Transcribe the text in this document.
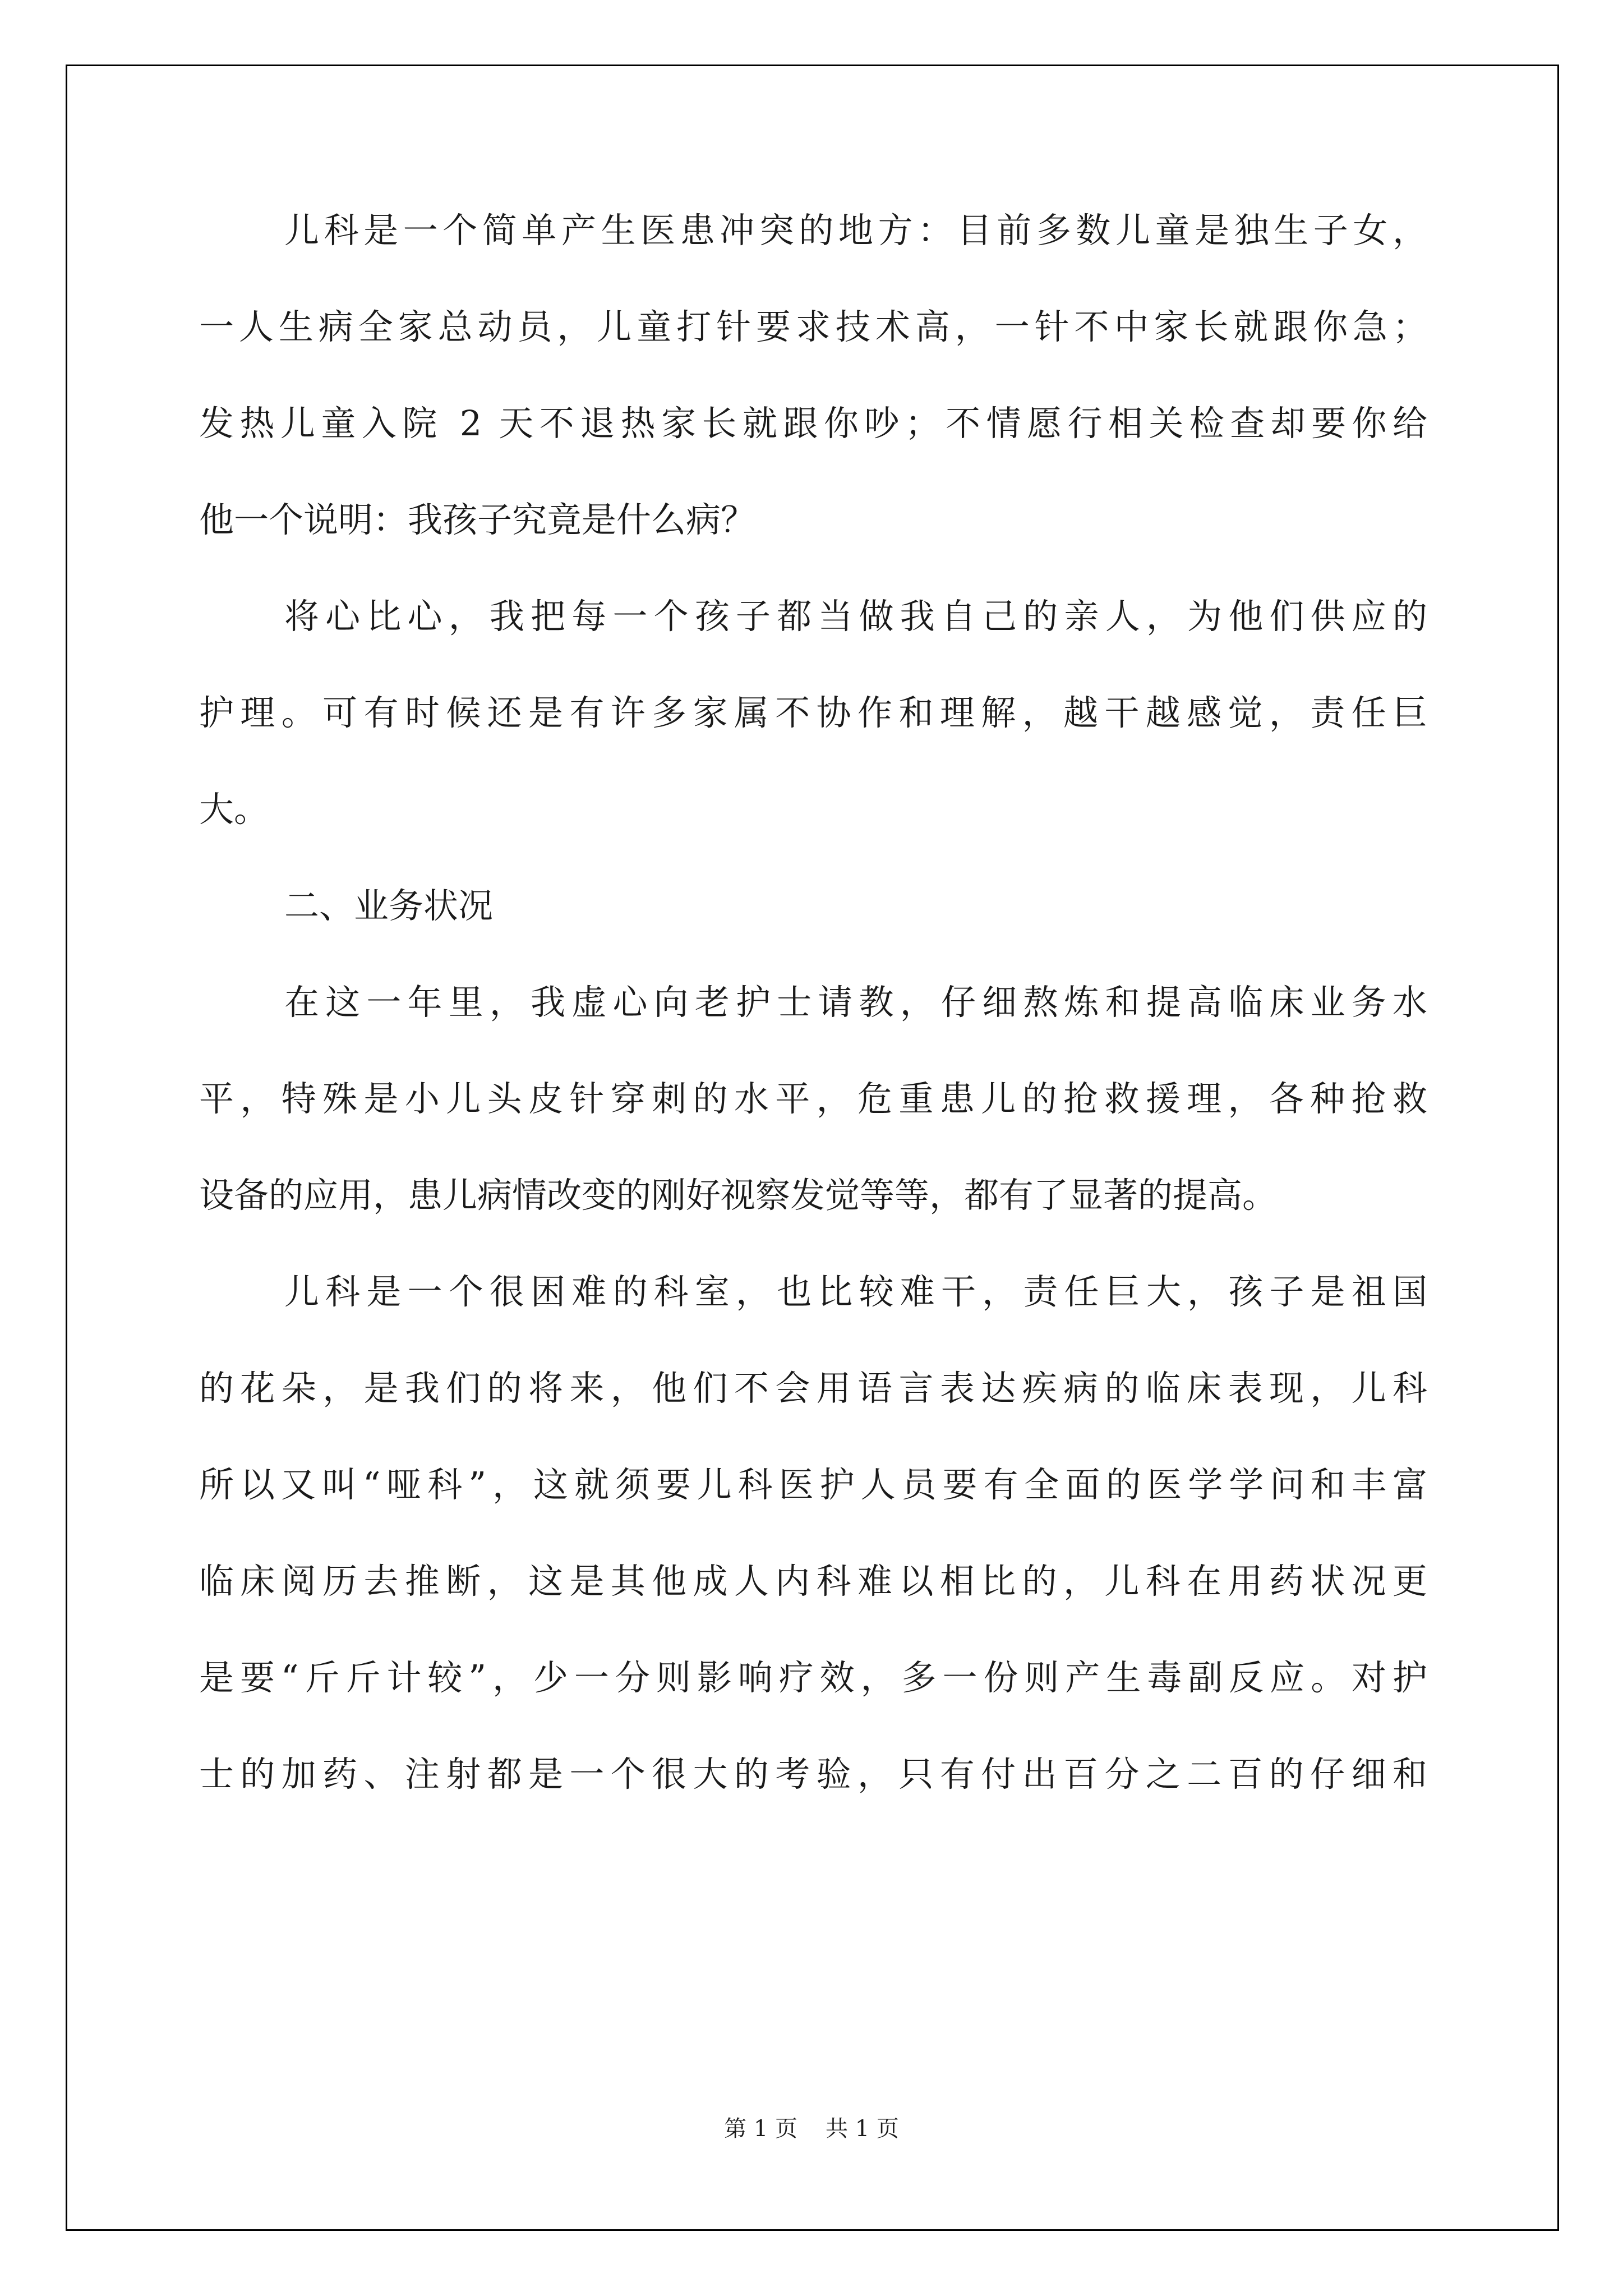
儿科是一个简单产生医患冲突的地方：目前多数儿童是独生子女，
一人生病全家总动员，儿童打针要求技术高，一针不中家长就跟你急；
发热儿童入院 2 天不退热家长就跟你吵；不情愿行相关检查却要你给
他一个说明：我孩子究竟是什么病？
将心比心，我把每一个孩子都当做我自己的亲人，为他们供应的
护理。可有时候还是有许多家属不协作和理解，越干越感觉，责任巨
大。
二、业务状况
在这一年里，我虚心向老护士请教，仔细熬炼和提高临床业务水
平，特殊是小儿头皮针穿刺的水平，危重患儿的抢救援理，各种抢救
设备的应用，患儿病情改变的刚好视察发觉等等，都有了显著的提高。
儿科是一个很困难的科室，也比较难干，责任巨大，孩子是祖国
的花朵，是我们的将来，他们不会用语言表达疾病的临床表现，儿科
所以又叫“哑科”，这就须要儿科医护人员要有全面的医学学问和丰富
临床阅历去推断，这是其他成人内科难以相比的，儿科在用药状况更
是要“斤斤计较”，少一分则影响疗效，多一份则产生毒副反应。对护
士的加药、注射都是一个很大的考验，只有付出百分之二百的仔细和
第 1 页 共 1 页
